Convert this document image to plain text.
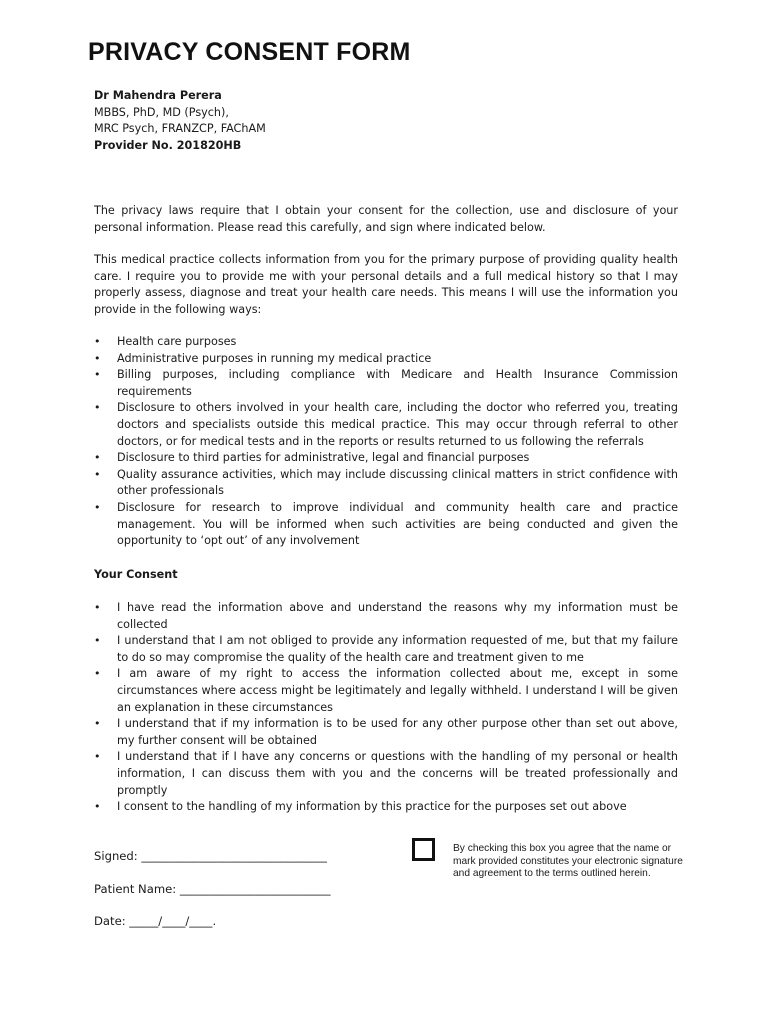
PRIVACY CONSENT FORM
Dr Mahendra Perera
MBBS, PhD, MD (Psych),
MRC Psych, FRANZCP, FAChAM
Provider No. 201820HB

The privacy laws require that I obtain your consent for the collection, use and disclosure of your personal information. Please read this carefully, and sign where indicated below.

This medical practice collects information from you for the primary purpose of providing quality health care. I require you to provide me with your personal details and a full medical history so that I may properly assess, diagnose and treat your health care needs. This means I will use the information you provide in the following ways:

• Health care purposes
• Administrative purposes in running my medical practice
• Billing purposes, including compliance with Medicare and Health Insurance Commission requirements
• Disclosure to others involved in your health care, including the doctor who referred you, treating doctors and specialists outside this medical practice. This may occur through referral to other doctors, or for medical tests and in the reports or results returned to us following the referrals
• Disclosure to third parties for administrative, legal and financial purposes
• Quality assurance activities, which may include discussing clinical matters in strict confidence with other professionals
• Disclosure for research to improve individual and community health care and practice management. You will be informed when such activities are being conducted and given the opportunity to ‘opt out’ of any involvement
Your Consent
• I have read the information above and understand the reasons why my information must be collected
• I understand that I am not obliged to provide any information requested of me, but that my failure to do so may compromise the quality of the health care and treatment given to me
• I am aware of my right to access the information collected about me, except in some circumstances where access might be legitimately and legally withheld. I understand I will be given an explanation in these circumstances
• I understand that if my information is to be used for any other purpose other than set out above, my further consent will be obtained
• I understand that if I have any concerns or questions with the handling of my personal or health information, I can discuss them with you and the concerns will be treated professionally and promptly
• I consent to the handling of my information by this practice for the purposes set out above
Signed: ________________________________
Patient Name: __________________________
Date: _____/____/____.
By checking this box you agree that the name or mark provided constitutes your electronic signature and agreement to the terms outlined herein.
